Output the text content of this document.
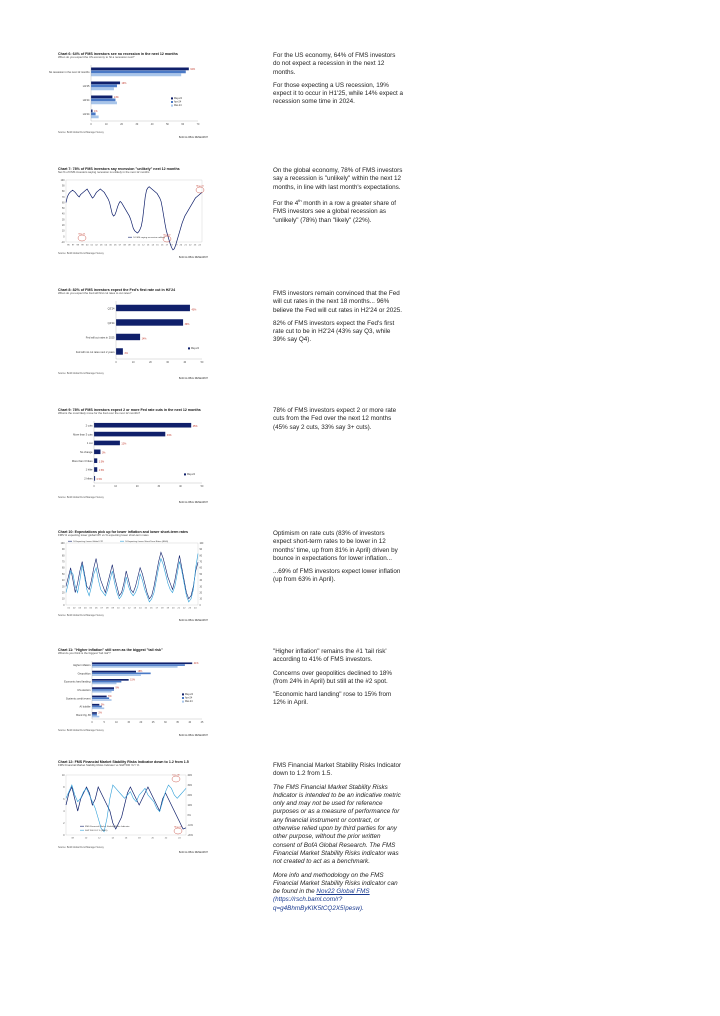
Chart 6: 64% of FMS investors see no recession in the next 12 months
When do you expect the US economy to hit a recession next?
No recession in the next 12 months
64%
H1'25
19%
H2'24
14%
H1'24
1%
0	10	20	30	40	50	60	70
May-24
Apr-24
Mar-24
Source: BofA Global Fund Manager Survey
BofA GLOBAL RESEARCH

For the US economy, 64% of FMS investors do not expect a recession in the next 12 months.

For those expecting a US recession, 19% expect it to occur in H1'25, while 14% expect a recession some time in 2024.

Chart 7: 78% of FMS investors say recession "unlikely" next 12 months
Net % of FMS investors saying recession is unlikely in the next 12 months
100
90
80
70
60
50
40
30
20
10
0
-10
96	97	98	99	00	01	02	03	04	05	06	07	08	09	10	11	12	13	14	15	16	17	18	19	20	21	22	23	24
% FMS saying recession unlikely
May-24
Mar-01	Nov-22
Source: BofA Global Fund Manager Survey
BofA GLOBAL RESEARCH

On the global economy, 78% of FMS investors say a recession is "unlikely" within the next 12 months, in line with last month's expectations.

For the 4th month in a row a greater share of FMS investors see a global recession as "unlikely" (78%) than "likely" (22%).

Chart 8: 82% of FMS investors expect the Fed's first rate cut in H2'24
When do you expect the Fed will first cut rates to cut rates?
Q3'24	43%
Q4'24	39%
Fed will cut rates in 2025	14%
Fed will not cut rates next 2 years	4%
0	10	20	30	40	50
May-24
Source: BofA Global Fund Manager Survey
BofA GLOBAL RESEARCH

FMS investors remain convinced that the Fed will cut rates in the next 18 months... 96% believe the Fed will cut rates in H2'24 or 2025.

82% of FMS investors expect the Fed's first rate cut to be in H2'24 (43% say Q3, while 39% say Q4).

Chart 9: 78% of FMS investors expect 2 or more Fed rate cuts in the next 12 months
What is the most likely move for the Fed over the next 12 months?
2 cuts	45%
More than 3 cuts	33%
1 cut	12%
No change	3%
More than 3 hikes	1.5%
1 hike	1.5%
2 hikes 0.5%
0	10	20	30	40	50
May-24
Source: BofA Global Fund Manager Survey
BofA GLOBAL RESEARCH

78% of FMS investors expect 2 or more rate cuts from the Fed over the next 12 months (45% say 2 cuts, 33% say 3+ cuts).

Chart 10: Expectations pick up for lower inflation and lower short-term rates
FMS % expecting lower global CPI vs % expecting lower short-term rates
100
90
80
70
60
50
40
30
20
10
0
100
90
80
70
60
50
40
30
20
10
0
01	02	03	04	05	06	07	08	09	10	11	12	13	14	15	16	17	18	19	20	21	22	23	24
% Expecting Lower Global CPI	% Expecting Lower Short-Term Rates (RHS)
Source: BofA Global Fund Manager Survey
BofA GLOBAL RESEARCH

Optimism on rate cuts (83% of investors expect short-term rates to be lower in 12 months' time, up from 81% in April) driven by bounce in expectations for lower inflation...

...69% of FMS investors expect lower inflation (up from 63% in April).

Chart 11: "Higher inflation" still seen as the biggest "tail risk"
What do you think is the biggest "tail risk"?
Higher inflation
41%
Geopolitics
18%
Economic hard landing
15%
US election
9%
Systemic credit event
6%
AI bubble
3%
Bond Vig. Bl
2%
0	5	10	15	20	25	30	35	40	45
May-24
Apr-24
Mar-24
Source: BofA Global Fund Manager Survey
BofA GLOBAL RESEARCH

"Higher inflation" remains the #1 'tail risk' according to 41% of FMS investors.

Concerns over geopolitics declined to 18% (from 24% in April) but still at the #2 spot.

"Economic hard landing" rose to 15% from 12% in April.

Chart 12: FMS Financial Market Stability Risks Indicator down to 1.2 from 1.5
FMS Financial Market Stability Risks Indicator vs S&P 500 YoY %
10
8
6
4
2
0
40%
30%
20%
10%
0%
-10%
-20%
08	10	12	14	16	18	20	22	24
FMS Financial Market Stability Risks Indicator
S&P 500 YoY % (RHS)
Dec-08
May-24
Source: BofA Global Fund Manager Survey
BofA GLOBAL RESEARCH

FMS Financial Market Stability Risks Indicator down to 1.2 from 1.5.

The FMS Financial Market Stability Risks Indicator is intended to be an indicative metric only and may not be used for reference purposes or as a measure of performance for any financial instrument or contract, or otherwise relied upon by third parties for any other purpose, without the prior written consent of BofA Global Research. The FMS Financial Market Stability Risks indicator was not created to act as a benchmark.

More info and methodology on the FMS Financial Market Stability Risks indicator can be found in the Nov22 Global FMS (https://rsch.baml.com/r?q=g4BhmByKIK5tCQ2X5!pesw).
